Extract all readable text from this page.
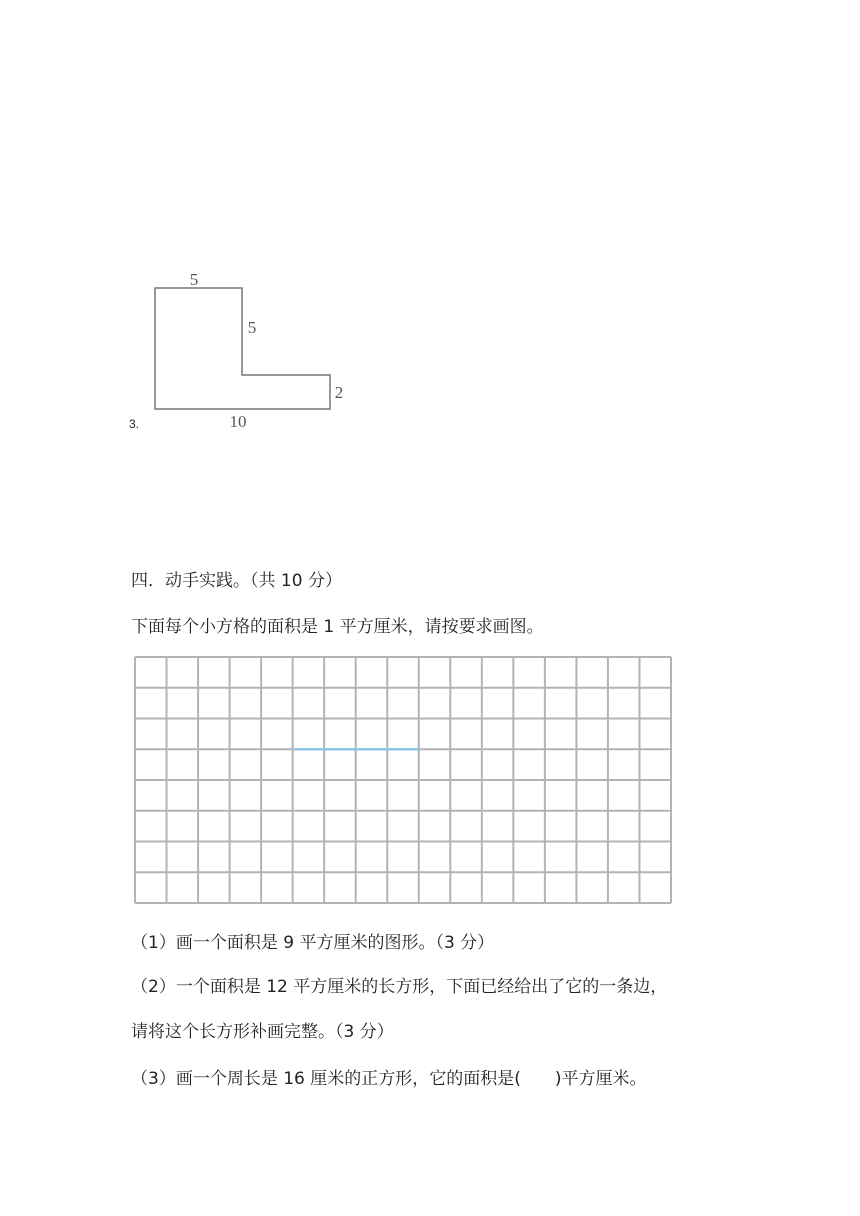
3.
5
5
2
10
四．动手实践。（共 10 分）
下面每个小方格的面积是 1 平方厘米，请按要求画图。
（1）画一个面积是 9 平方厘米的图形。（3 分）
（2）一个面积是 12 平方厘米的长方形，下面已经给出了它的一条边，
请将这个长方形补画完整。（3 分）
（3）画一个周长是 16 厘米的正方形，它的面积是(　　)平方厘米。
